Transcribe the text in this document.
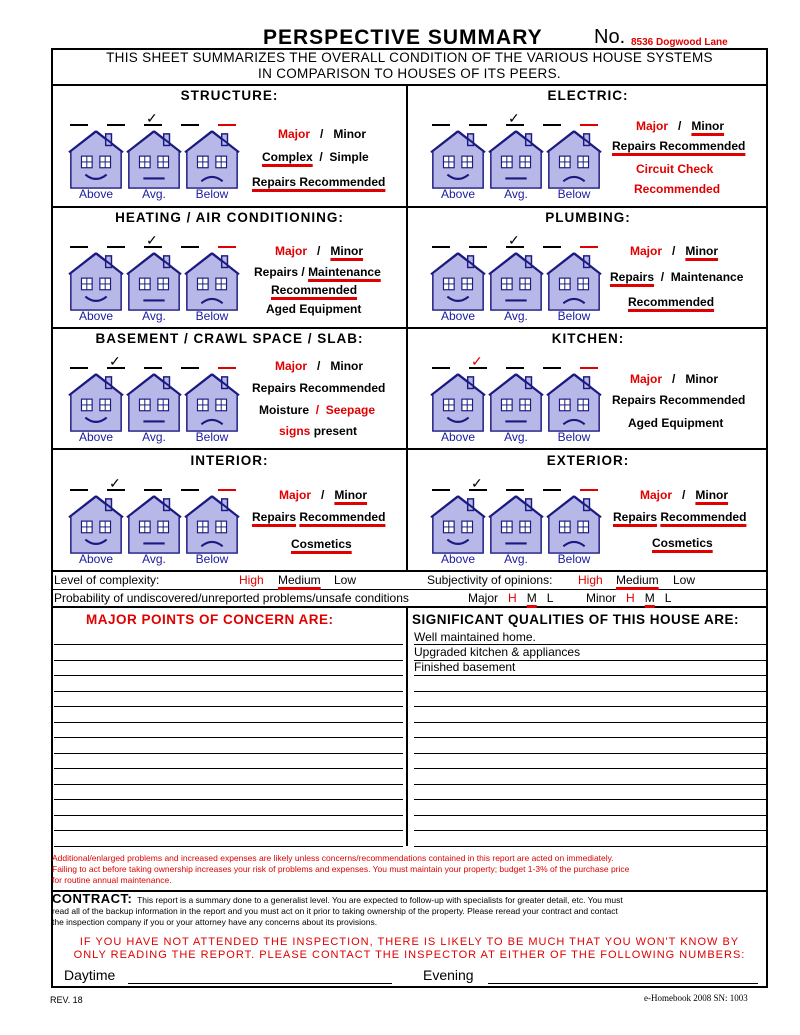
PERSPECTIVE SUMMARY	No. 8536 Dogwood Lane
THIS SHEET SUMMARIZES THE OVERALL CONDITION OF THE VARIOUS HOUSE SYSTEMS
IN COMPARISON TO HOUSES OF ITS PEERS.
✓
Above	Avg.	Below
✓
Above	Avg.	Below
✓
Above	Avg.	Below
✓
Above	Avg.	Below
✓
Above	Avg.	Below
✓
Above	Avg.	Below
✓
Above	Avg.	Below
✓
Above	Avg.	Below
STRUCTURE:	ELECTRIC:
HEATING / AIR CONDITIONING:	PLUMBING:
BASEMENT / CRAWL SPACE / SLAB:	KITCHEN:
INTERIOR:	EXTERIOR:
Major / Minor
Complex  /  Simple
Repairs Recommended
Major / Minor
Repairs Recommended
Circuit Check
Recommended
Major / Minor
Repairs / Maintenance
Recommended
Aged Equipment
Major / Minor
Repairs / Maintenance
Recommended
Major / Minor
Repairs Recommended
Moisture / Seepage
signs present
Major / Minor
Repairs Recommended
Aged Equipment
Major / Minor
Repairs Recommended
Cosmetics
Major / Minor
Repairs Recommended
Cosmetics
Level of complexity:	High Medium Low	Subjectivity of opinions: High Medium Low
Probability of undiscovered/unreported problems/unsafe conditions	Major H M L	Minor H M L
MAJOR POINTS OF CONCERN ARE:	SIGNIFICANT QUALITIES OF THIS HOUSE ARE:
Well maintained home.
Upgraded kitchen & appliances
Finished basement
Additional/enlarged problems and increased expenses are likely unless concerns/recommendations contained in this report are acted on immediately.
Failing to act before taking ownership increases your risk of problems and expenses. You must maintain your property; budget 1-3% of the purchase price
for routine annual maintenance.
CONTRACT: This report is a summary done to a generalist level. You are expected to follow-up with specialists for greater detail, etc. You must
read all of the backup information in the report and you must act on it prior to taking ownership of the property. Please reread your contract and contact
the inspection company if you or your attorney have any concerns about its provisions.
IF YOU HAVE NOT ATTENDED THE INSPECTION, THERE IS LIKELY TO BE MUCH THAT YOU WON'T KNOW BY
ONLY READING THE REPORT. PLEASE CONTACT THE INSPECTOR AT EITHER OF THE FOLLOWING NUMBERS:
Daytime	Evening
REV. 18	e-Homebook 2008 SN: 1003
